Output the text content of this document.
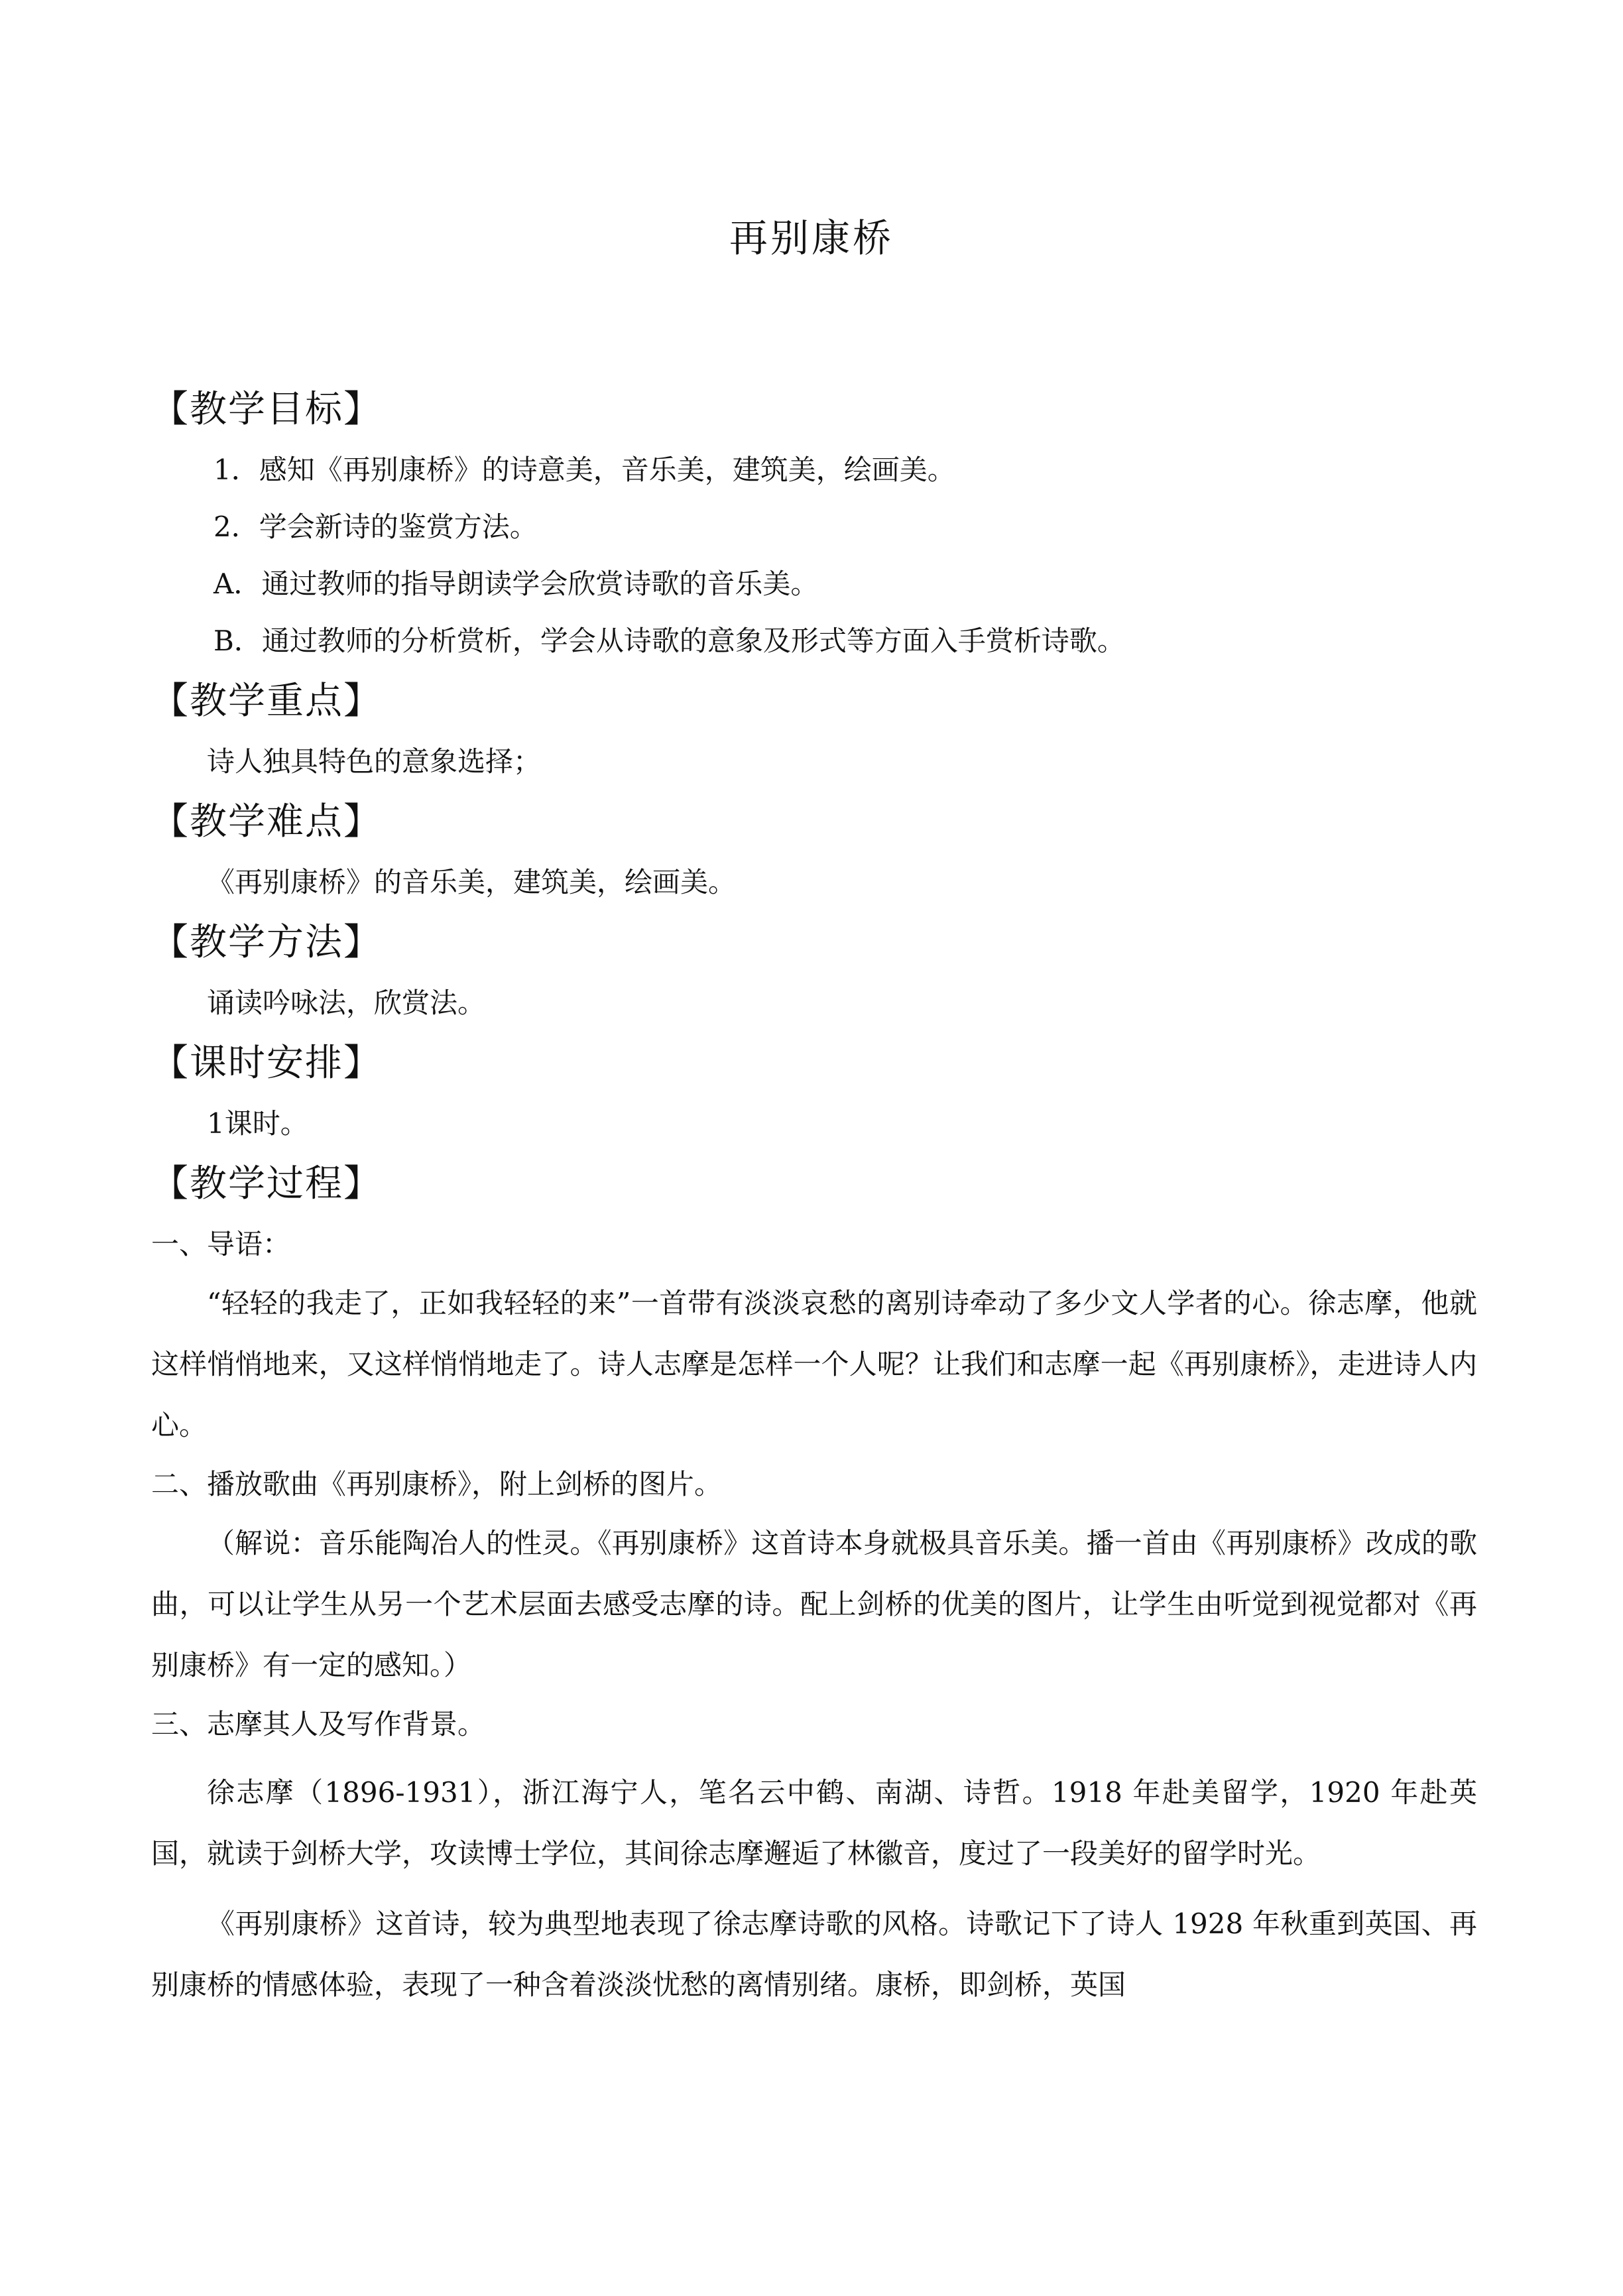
再别康桥
【教学目标】
1．感知《再别康桥》的诗意美，音乐美，建筑美，绘画美。
2．学会新诗的鉴赏方法。
A．通过教师的指导朗读学会欣赏诗歌的音乐美。
B．通过教师的分析赏析，学会从诗歌的意象及形式等方面入手赏析诗歌。
【教学重点】
诗人独具特色的意象选择；
【教学难点】
《再别康桥》的音乐美，建筑美，绘画美。
【教学方法】
诵读吟咏法，欣赏法。
【课时安排】
1课时。
【教学过程】
一、导语：

“轻轻的我走了，正如我轻轻的来”一首带有淡淡哀愁的离别诗牵动了多少文人学者的心。徐志摩，他就这样悄悄地来，又这样悄悄地走了。诗人志摩是怎样一个人呢？让我们和志摩一起《再别康桥》，走进诗人内心。

二、播放歌曲《再别康桥》，附上剑桥的图片。

（解说：音乐能陶冶人的性灵。《再别康桥》这首诗本身就极具音乐美。播一首由《再别康桥》改成的歌曲，可以让学生从另一个艺术层面去感受志摩的诗。配上剑桥的优美的图片，让学生由听觉到视觉都对《再别康桥》有一定的感知。）

三、志摩其人及写作背景。

徐志摩（1896-1931），浙江海宁人，笔名云中鹤、南湖、诗哲。1918 年赴美留学，1920 年赴英国，就读于剑桥大学，攻读博士学位，其间徐志摩邂逅了林徽音，度过了一段美好的留学时光。

《再别康桥》这首诗，较为典型地表现了徐志摩诗歌的风格。诗歌记下了诗人 1928 年秋重到英国、再别康桥的情感体验，表现了一种含着淡淡忧愁的离情别绪。康桥，即剑桥，英国
